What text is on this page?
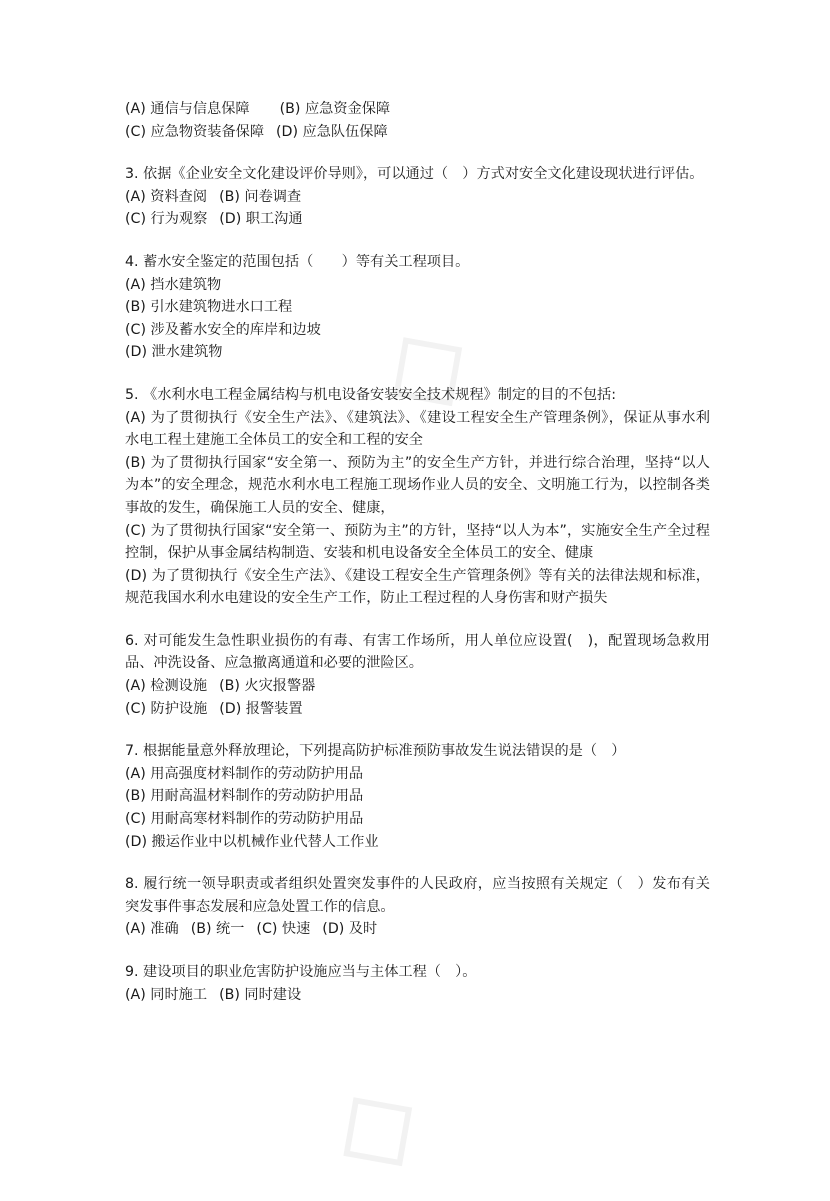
◇
◇
(A) 通信与信息保障 (B) 应急资金保障
(C) 应急物资装备保障 (D) 应急队伍保障
3. 依据《企业安全文化建设评价导则》，可以通过（　）方式对安全文化建设现状进行评估。
(A) 资料查阅 (B) 问卷调查
(C) 行为观察 (D) 职工沟通
4. 蓄水安全鉴定的范围包括（　　）等有关工程项目。
(A) 挡水建筑物
(B) 引水建筑物进水口工程
(C) 涉及蓄水安全的库岸和边坡
(D) 泄水建筑物
5. 《水利水电工程金属结构与机电设备安装安全技术规程》制定的目的不包括:
(A) 为了贯彻执行《安全生产法》、《建筑法》、《建设工程安全生产管理条例》，保证从事水利水电工程土建施工全体员工的安全和工程的安全
(B) 为了贯彻执行国家“安全第一、预防为主”的安全生产方针，并进行综合治理，坚持“以人为本”的安全理念，规范水利水电工程施工现场作业人员的安全、文明施工行为，以控制各类事故的发生，确保施工人员的安全、健康，
(C) 为了贯彻执行国家“安全第一、预防为主”的方针，坚持“以人为本”，实施安全生产全过程控制，保护从事金属结构制造、安装和机电设备安全全体员工的安全、健康
(D) 为了贯彻执行《安全生产法》、《建设工程安全生产管理条例》等有关的法律法规和标准，规范我国水利水电建设的安全生产工作，防止工程过程的人身伤害和财产损失
6. 对可能发生急性职业损伤的有毒、有害工作场所，用人单位应设置(　)，配置现场急救用品、冲洗设备、应急撤离通道和必要的泄险区。
(A) 检测设施 (B) 火灾报警器
(C) 防护设施 (D) 报警装置
7. 根据能量意外释放理论，下列提高防护标准预防事故发生说法错误的是（　）
(A) 用高强度材料制作的劳动防护用品
(B) 用耐高温材料制作的劳动防护用品
(C) 用耐高寒材料制作的劳动防护用品
(D) 搬运作业中以机械作业代替人工作业
8. 履行统一领导职责或者组织处置突发事件的人民政府，应当按照有关规定（　）发布有关突发事件事态发展和应急处置工作的信息。
(A) 准确 (B) 统一 (C) 快速 (D) 及时
9. 建设项目的职业危害防护设施应当与主体工程（　）。
(A) 同时施工 (B) 同时建设
